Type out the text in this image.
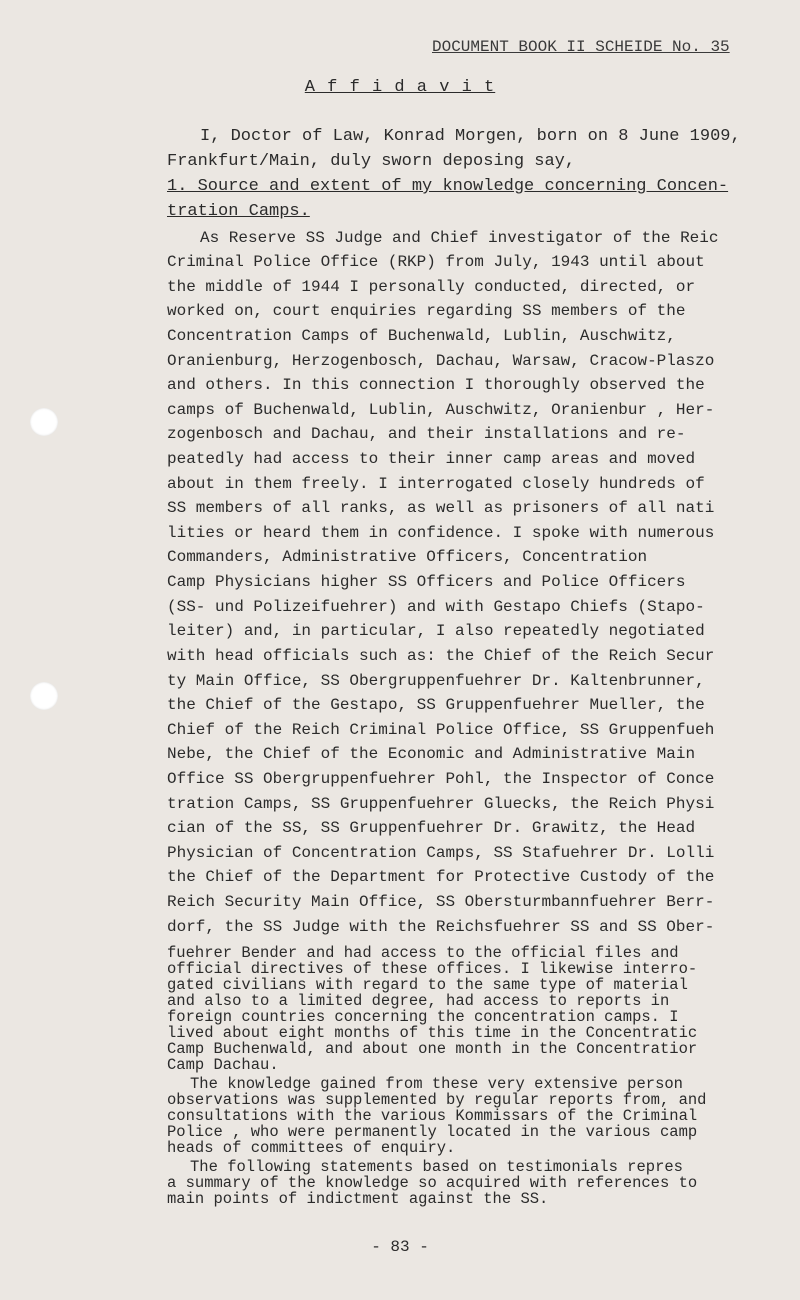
DOCUMENT BOOK II SCHEIDE No. 35
A f f i d a v i t
I, Doctor of Law, Konrad Morgen, born on 8 June 1909,
Frankfurt/Main, duly sworn deposing say,
1. Source and extent of my knowledge concerning Concen-
tration Camps.
As Reserve SS Judge and Chief investigator of the Reic
Criminal Police Office (RKP) from July, 1943 until about
the middle of 1944 I personally conducted, directed, or
worked on, court enquiries regarding SS members of the
Concentration Camps of Buchenwald, Lublin, Auschwitz,
Oranienburg, Herzogenbosch, Dachau, Warsaw, Cracow-Plaszo
and others. In this connection I thoroughly observed the
camps of Buchenwald, Lublin, Auschwitz, Oranienbur , Her-
zogenbosch and Dachau, and their installations and re-
peatedly had access to their inner camp areas and moved
about in them freely. I interrogated closely hundreds of
SS members of all ranks, as well as prisoners of all nati
lities or heard them in confidence. I spoke with numerous
Commanders, Administrative Officers, Concentration
Camp Physicians higher SS Officers and Police Officers
(SS- und Polizeifuehrer) and with Gestapo Chiefs (Stapo-
leiter) and, in particular, I also repeatedly negotiated
with head officials such as: the Chief of the Reich Secur
ty Main Office, SS Obergruppenfuehrer Dr. Kaltenbrunner,
the Chief of the Gestapo, SS Gruppenfuehrer Mueller, the
Chief of the Reich Criminal Police Office, SS Gruppenfueh
Nebe, the Chief of the Economic and Administrative Main
Office SS Obergruppenfuehrer Pohl, the Inspector of Conce
tration Camps, SS Gruppenfuehrer Gluecks, the Reich Physi
cian of the SS, SS Gruppenfuehrer Dr. Grawitz, the Head
Physician of Concentration Camps, SS Stafuehrer Dr. Lolli
the Chief of the Department for Protective Custody of the
Reich Security Main Office, SS Obersturmbannfuehrer Berr-
dorf, the SS Judge with the Reichsfuehrer SS and SS Ober-
fuehrer Bender and had access to the official files and
official directives of these offices. I likewise interro-
gated civilians with regard to the same type of material
and also to a limited degree, had access to reports in
foreign countries concerning the concentration camps. I
lived about eight months of this time in the Concentratic
Camp Buchenwald, and about one month in the Concentratior
Camp Dachau.
The knowledge gained from these very extensive person
observations was supplemented by regular reports from, and
consultations with the various Kommissars of the Criminal
Police , who were permanently located in the various camp
heads of committees of enquiry.
The following statements based on testimonials repres
a summary of the knowledge so acquired with references to
main points of indictment against the SS.
- 83 -
